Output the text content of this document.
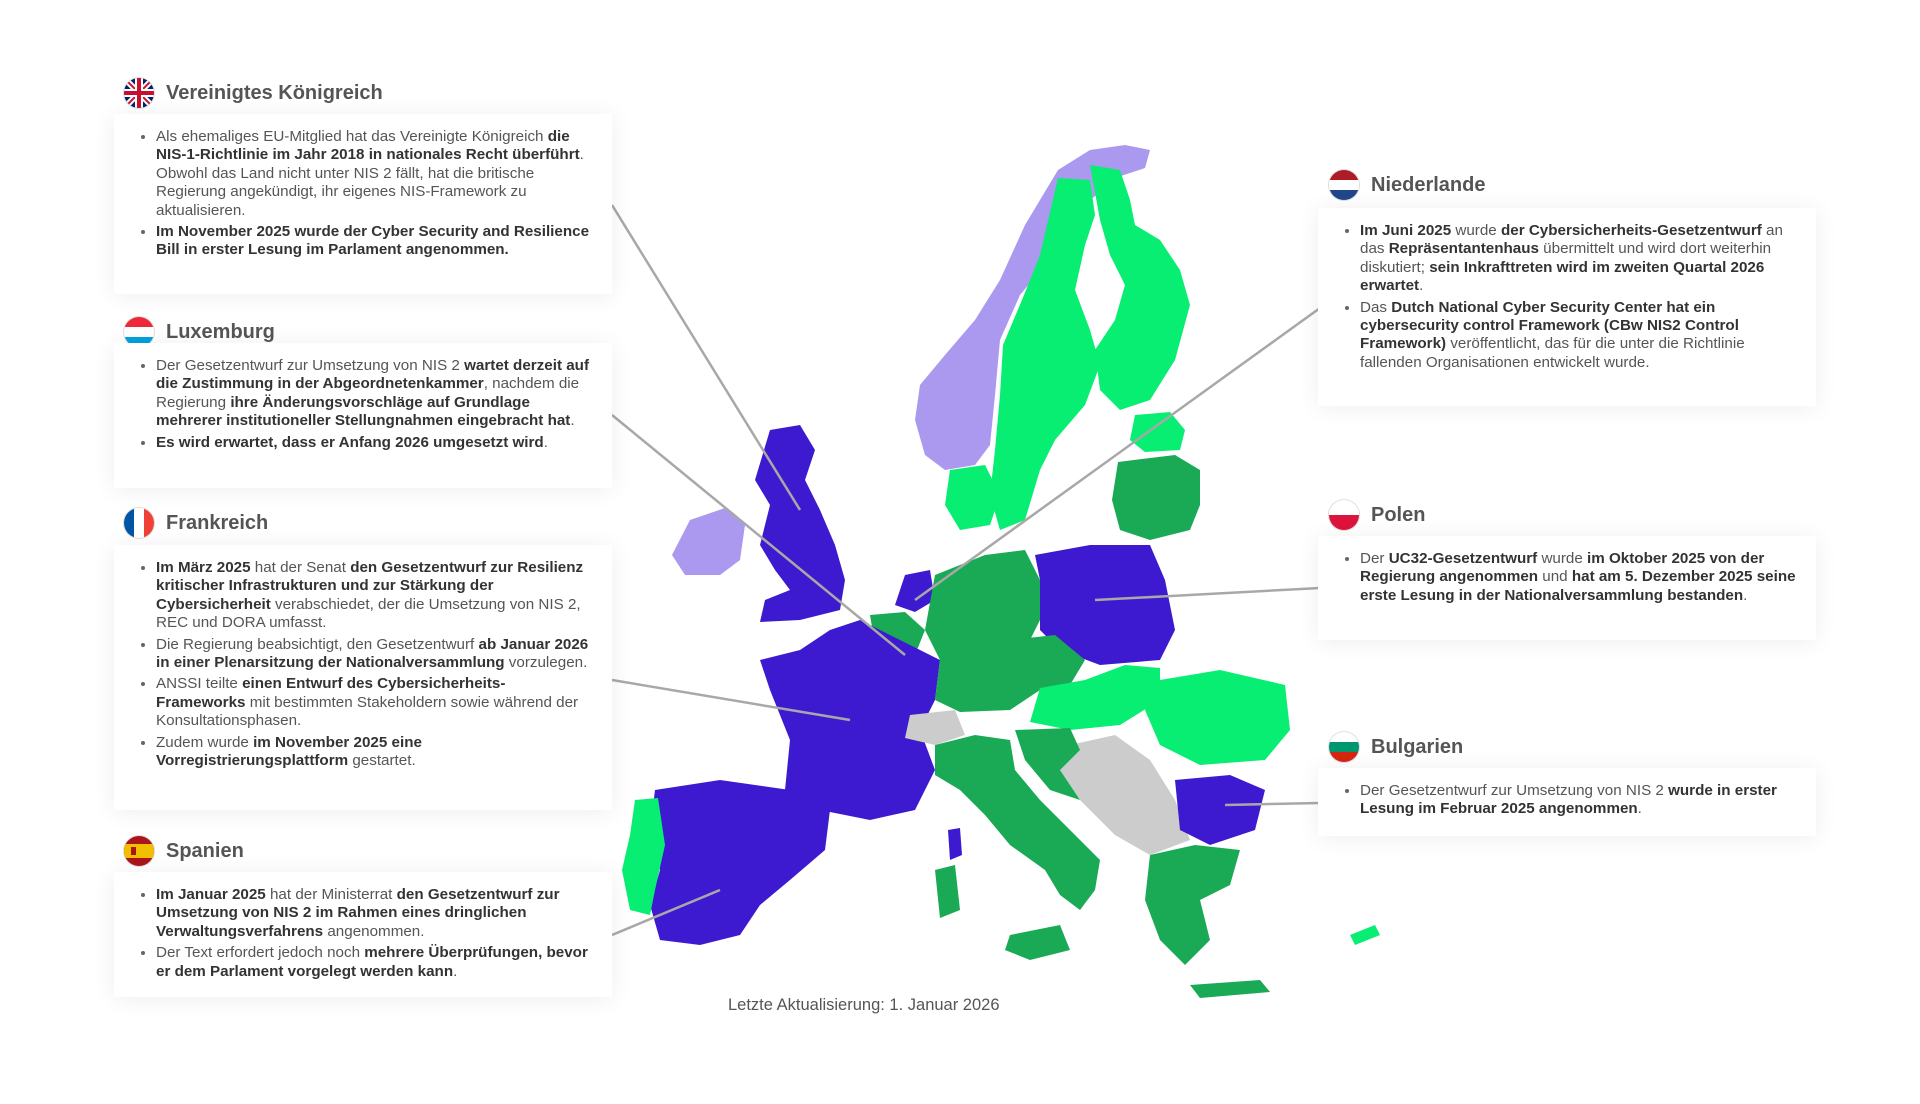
Vereinigtes Königreich
• Als ehemaliges EU-Mitglied hat das Vereinigte Königreich die NIS-1-Richtlinie im Jahr 2018 in nationales Recht überführt. Obwohl das Land nicht unter NIS 2 fällt, hat die britische Regierung angekündigt, ihr eigenes NIS-Framework zu aktualisieren.
• Im November 2025 wurde der Cyber Security and Resilience Bill in erster Lesung im Parlament angenommen.
Luxemburg
• Der Gesetzentwurf zur Umsetzung von NIS 2 wartet derzeit auf die Zustimmung in der Abgeordnetenkammer, nachdem die Regierung ihre Änderungsvorschläge auf Grundlage mehrerer institutioneller Stellungnahmen eingebracht hat.
• Es wird erwartet, dass er Anfang 2026 umgesetzt wird.
Frankreich
• Im März 2025 hat der Senat den Gesetzentwurf zur Resilienz kritischer Infrastrukturen und zur Stärkung der Cybersicherheit verabschiedet, der die Umsetzung von NIS 2, REC und DORA umfasst.
• Die Regierung beabsichtigt, den Gesetzentwurf ab Januar 2026 in einer Plenarsitzung der Nationalversammlung vorzulegen.
• ANSSI teilte einen Entwurf des Cybersicherheits-Frameworks mit bestimmten Stakeholdern sowie während der Konsultationsphasen.
• Zudem wurde im November 2025 eine Vorregistrierungsplattform gestartet.
Spanien
• Im Januar 2025 hat der Ministerrat den Gesetzentwurf zur Umsetzung von NIS 2 im Rahmen eines dringlichen Verwaltungsverfahrens angenommen.
• Der Text erfordert jedoch noch mehrere Überprüfungen, bevor er dem Parlament vorgelegt werden kann.
Niederlande
• Im Juni 2025 wurde der Cybersicherheits-Gesetzentwurf an das Repräsentantenhaus übermittelt und wird dort weiterhin diskutiert; sein Inkrafttreten wird im zweiten Quartal 2026 erwartet.
• Das Dutch National Cyber Security Center hat ein cybersecurity control Framework (CBw NIS2 Control Framework) veröffentlicht, das für die unter die Richtlinie fallenden Organisationen entwickelt wurde.
Polen
• Der UC32-Gesetzentwurf wurde im Oktober 2025 von der Regierung angenommen und hat am 5. Dezember 2025 seine erste Lesung in der Nationalversammlung bestanden.
Bulgarien
• Der Gesetzentwurf zur Umsetzung von NIS 2 wurde in erster Lesung im Februar 2025 angenommen.
Letzte Aktualisierung: 1. Januar 2026
